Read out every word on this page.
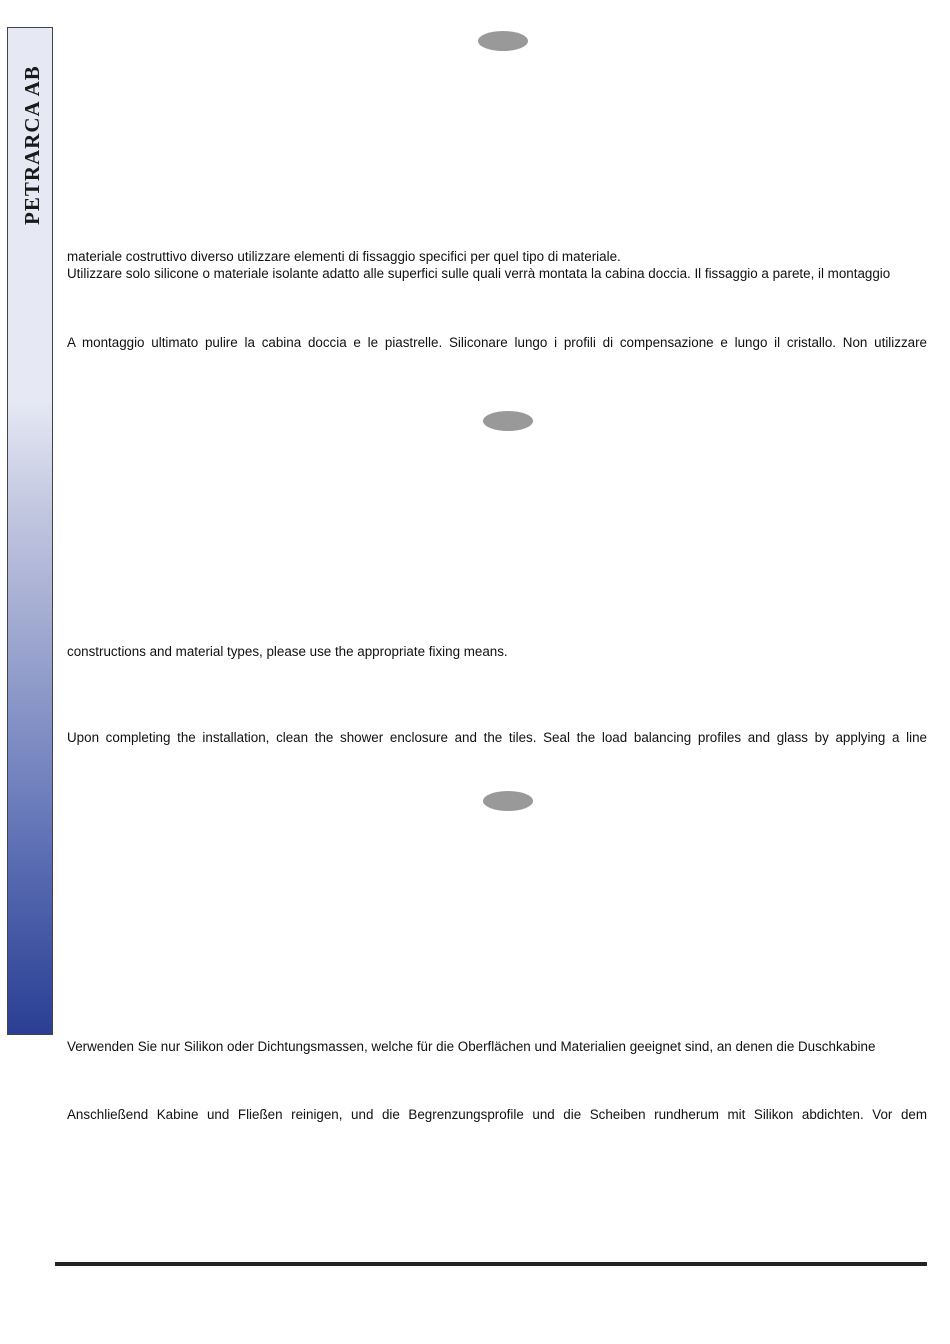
PETRARCA AB
materiale costruttivo diverso utilizzare elementi di fissaggio specifici per quel tipo di materiale.
Utilizzare solo silicone o materiale isolante adatto alle superfici sulle quali verrà montata la cabina doccia. Il fissaggio a parete, il montaggio
A montaggio ultimato pulire la cabina doccia e le piastrelle. Siliconare lungo i profili di compensazione e lungo il cristallo. Non utilizzare
constructions and material types, please use the appropriate fixing means.
Upon completing the installation, clean the shower enclosure and the tiles. Seal the load balancing profiles and glass by applying a line
Verwenden Sie nur Silikon oder Dichtungsmassen, welche für die Oberflächen und Materialien geeignet sind, an denen die Duschkabine
Anschließend Kabine und Fließen reinigen, und die Begrenzungsprofile und die Scheiben rundherum mit Silikon abdichten. Vor dem
